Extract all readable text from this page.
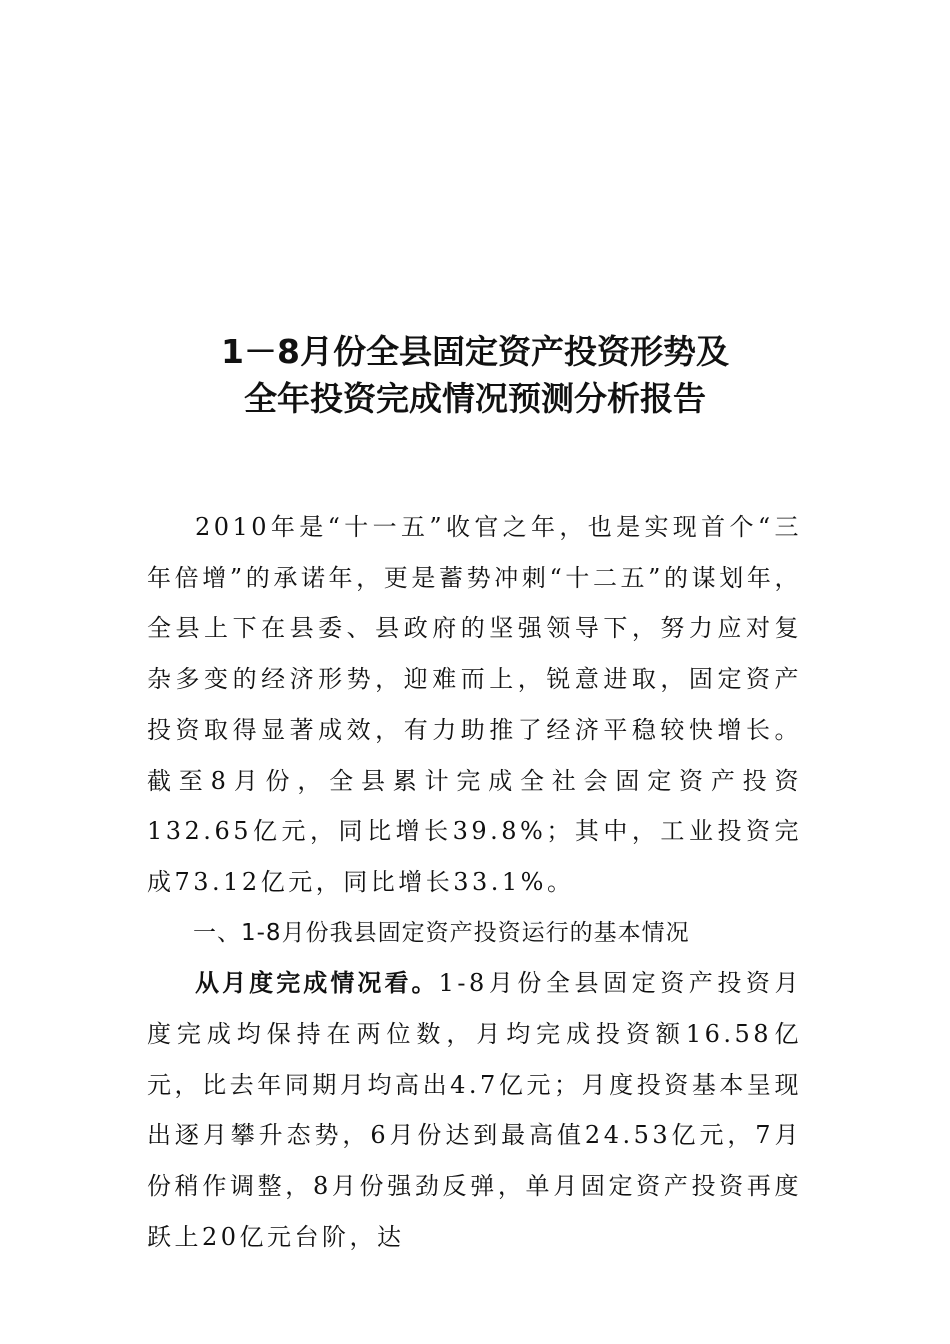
1－8月份全县固定资产投资形势及
全年投资完成情况预测分析报告

2010年是“十一五”收官之年，也是实现首个“三年倍增”的承诺年，更是蓄势冲刺“十二五”的谋划年，全县上下在县委、县政府的坚强领导下，努力应对复杂多变的经济形势，迎难而上，锐意进取，固定资产投资取得显著成效，有力助推了经济平稳较快增长。截至8月份，全县累计完成全社会固定资产投资132.65亿元，同比增长39.8%；其中，工业投资完成73.12亿元，同比增长33.1%。

一、1-8月份我县固定资产投资运行的基本情况

从月度完成情况看。1-8月份全县固定资产投资月度完成均保持在两位数，月均完成投资额16.58亿元，比去年同期月均高出4.7亿元；月度投资基本呈现出逐月攀升态势，6月份达到最高值24.53亿元，7月份稍作调整，8月份强劲反弹，单月固定资产投资再度跃上20亿元台阶，达
